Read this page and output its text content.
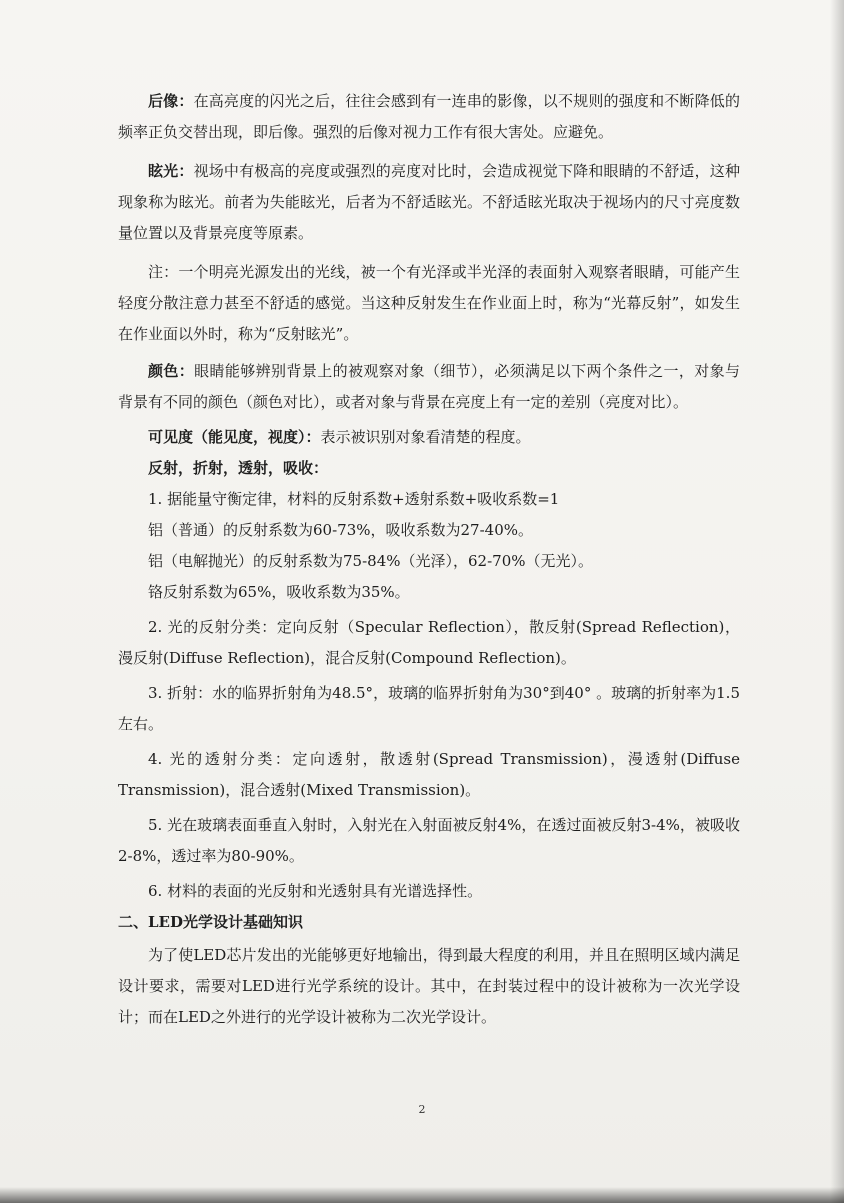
后像：在高亮度的闪光之后，往往会感到有一连串的影像，以不规则的强度和不断降低的频率正负交替出现，即后像。强烈的后像对视力工作有很大害处。应避免。

眩光：视场中有极高的亮度或强烈的亮度对比时，会造成视觉下降和眼睛的不舒适，这种现象称为眩光。前者为失能眩光，后者为不舒适眩光。不舒适眩光取决于视场内的尺寸亮度数量位置以及背景亮度等原素。

注：一个明亮光源发出的光线，被一个有光泽或半光泽的表面射入观察者眼睛，可能产生轻度分散注意力甚至不舒适的感觉。当这种反射发生在作业面上时，称为“光幕反射”，如发生在作业面以外时，称为“反射眩光”。

颜色：眼睛能够辨别背景上的被观察对象（细节），必须满足以下两个条件之一，对象与背景有不同的颜色（颜色对比），或者对象与背景在亮度上有一定的差别（亮度对比）。

可见度（能见度，视度）：表示被识别对象看清楚的程度。

反射，折射，透射，吸收：

1. 据能量守衡定律，材料的反射系数+透射系数+吸收系数=1

铝（普通）的反射系数为60-73%，吸收系数为27-40%。

铝（电解抛光）的反射系数为75-84%（光泽），62-70%（无光）。

铬反射系数为65%，吸收系数为35%。

2. 光的反射分类：定向反射（Specular Reflection），散反射(Spread Reflection)，漫反射(Diffuse Reflection)，混合反射(Compound Reflection)。

3. 折射：水的临界折射角为48.5°，玻璃的临界折射角为30°到40° 。玻璃的折射率为1.5左右。

4. 光的透射分类：定向透射，散透射(Spread Transmission)，漫透射(Diffuse Transmission)，混合透射(Mixed Transmission)。

5. 光在玻璃表面垂直入射时，入射光在入射面被反射4%，在透过面被反射3-4%，被吸收2-8%，透过率为80-90%。

6. 材料的表面的光反射和光透射具有光谱选择性。

二、LED光学设计基础知识

为了使LED芯片发出的光能够更好地输出，得到最大程度的利用，并且在照明区域内满足设计要求，需要对LED进行光学系统的设计。其中，在封装过程中的设计被称为一次光学设计；而在LED之外进行的光学设计被称为二次光学设计。

2
